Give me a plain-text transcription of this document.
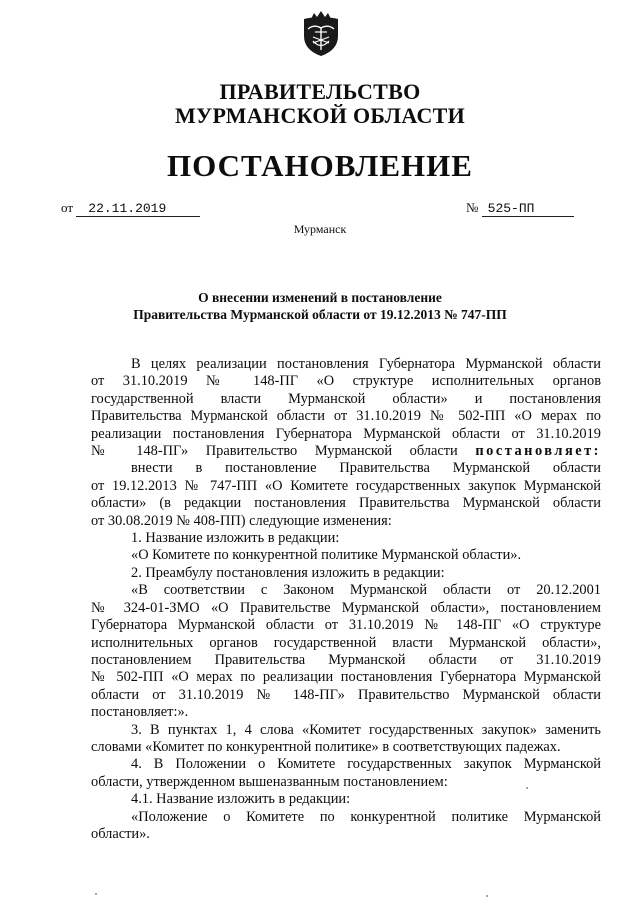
ПРАВИТЕЛЬСТВО
МУРМАНСКОЙ ОБЛАСТИ
ПОСТАНОВЛЕНИЕ
от 22.11.2019	№ 525-ПП
Мурманск
О внесении изменений в постановление
Правительства Мурманской области от 19.12.2013 № 747-ПП

В целях реализации постановления Губернатора Мурманской области

от 31.10.2019 № 148-ПГ «О структуре исполнительных органов

государственной власти Мурманской области» и постановления

Правительства Мурманской области от 31.10.2019 № 502-ПП «О мерах по

реализации постановления Губернатора Мурманской области от 31.10.2019

№ 148-ПГ» Правительство Мурманской области постановляет:

внести в постановление Правительства Мурманской области

от 19.12.2013 № 747-ПП «О Комитете государственных закупок Мурманской

области» (в редакции постановления Правительства Мурманской области

от 30.08.2019 № 408-ПП) следующие изменения:

1. Название изложить в редакции:

«О Комитете по конкурентной политике Мурманской области».

2. Преамбулу постановления изложить в редакции:

«В соответствии с Законом Мурманской области от 20.12.2001

№ 324-01-ЗМО «О Правительстве Мурманской области», постановлением

Губернатора Мурманской области от 31.10.2019 № 148-ПГ «О структуре

исполнительных органов государственной власти Мурманской области»,

постановлением Правительства Мурманской области от 31.10.2019

№ 502-ПП «О мерах по реализации постановления Губернатора Мурманской

области от 31.10.2019 № 148-ПГ» Правительство Мурманской области

постановляет:».

3. В пунктах 1, 4 слова «Комитет государственных закупок» заменить

словами «Комитет по конкурентной политике» в соответствующих падежах.

4. В Положении о Комитете государственных закупок Мурманской

области, утвержденном вышеназванным постановлением:

4.1. Название изложить в редакции:

«Положение о Комитете по конкурентной политике Мурманской

области».
